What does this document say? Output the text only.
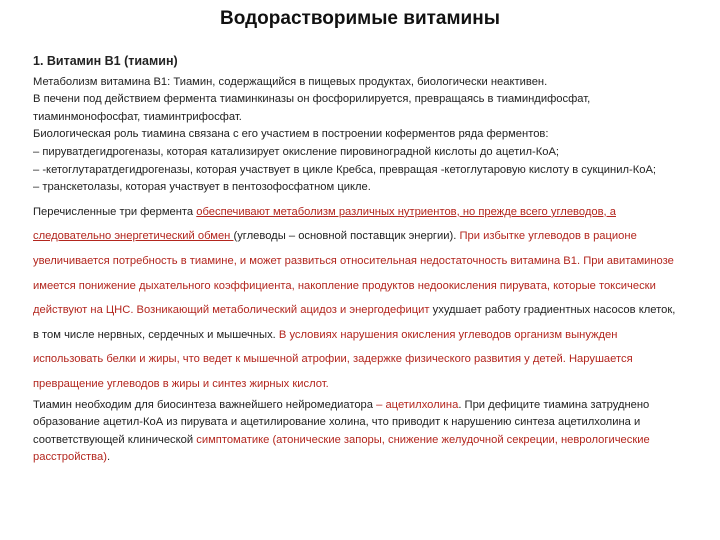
Водорастворимые витамины

1. Витамин В1 (тиамин)

Метаболизм витамина В1: Тиамин, содержащийся в пищевых продуктах, биологически неактивен.

В печени под действием фермента тиаминкиназы он фосфорилируется, превращаясь в тиаминдифосфат, тиаминмонофосфат, тиаминтрифосфат.

Биологическая роль тиамина связана с его участием в построении коферментов ряда ферментов:

– пируватдегидрогеназы, которая катализирует окисление пировиноградной кислоты до ацетил-КоА;

– -кетоглутаратдегидрогеназы, которая участвует в цикле Кребса, превращая -кетоглутаровую кислоту в сукцинил-КоА;

– транскетолазы, которая участвует в пентозофосфатном цикле.

Перечисленные три фермента обеспечивают метаболизм различных нутриентов, но прежде всего углеводов, а следовательно энергетический обмен (углеводы – основной поставщик энергии). При избытке углеводов в рационе увеличивается потребность в тиамине, и может развиться относительная недостаточность витамина В1. При авитаминозе имеется понижение дыхательного коэффициента, накопление продуктов недоокисления пирувата, которые токсически действуют на ЦНС. Возникающий метаболический ацидоз и энергодефицит ухудшает работу градиентных насосов клеток, в том числе нервных, сердечных и мышечных. В условиях нарушения окисления углеводов организм вынужден использовать белки и жиры, что ведет к мышечной атрофии, задержке физического развития у детей. Нарушается превращение углеводов в жиры и синтез жирных кислот.

Тиамин необходим для биосинтеза важнейшего нейромедиатора – ацетилхолина. При дефиците тиамина затруднено образование ацетил-КоА из пирувата и ацетилирование холина, что приводит к нарушению синтеза ацетилхолина и соответствующей клинической симптоматике (атонические запоры, снижение желудочной секреции, неврологические расстройства).
